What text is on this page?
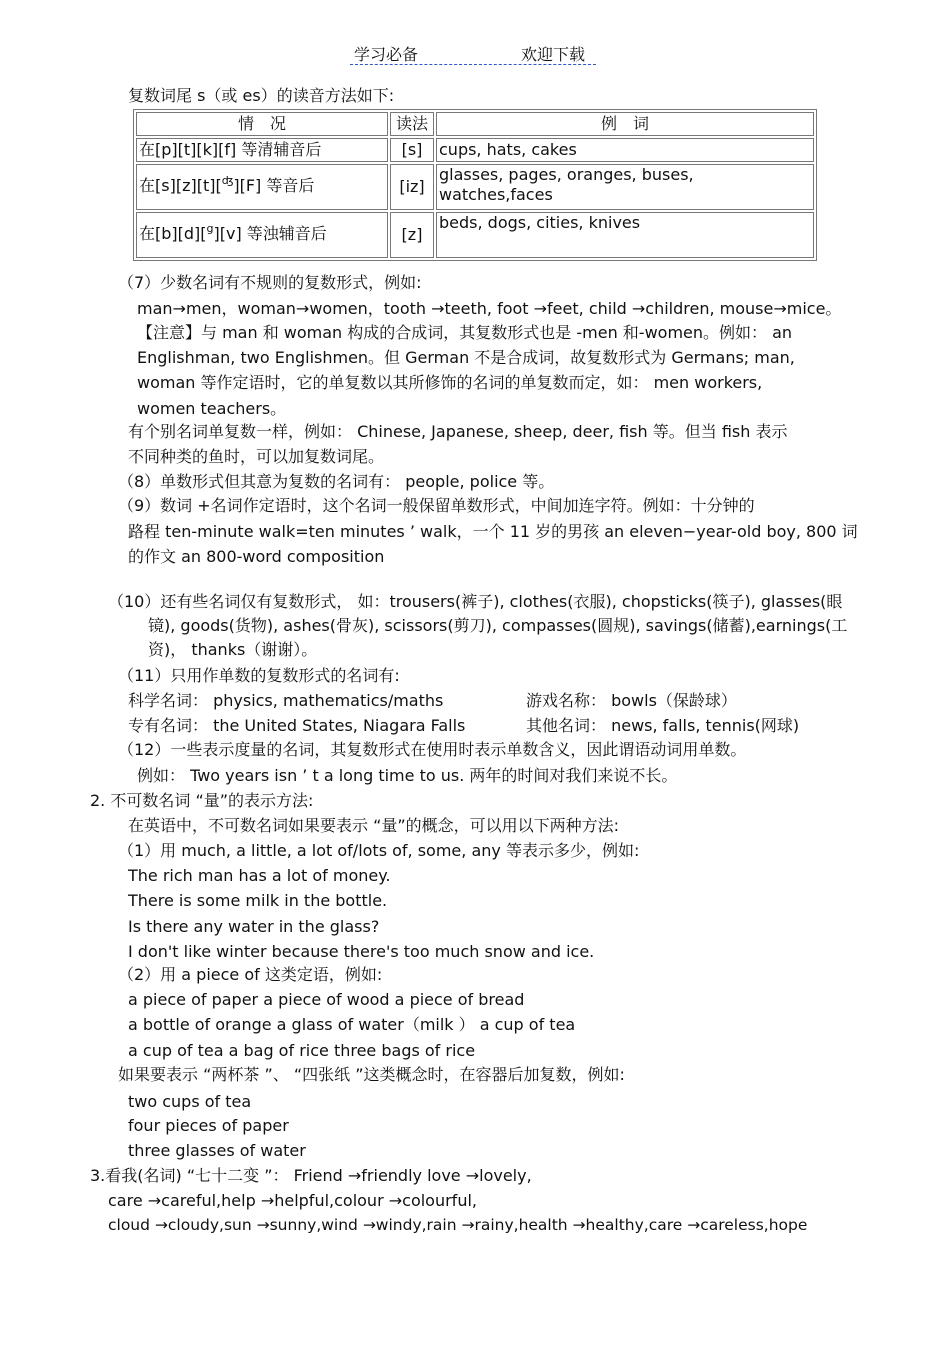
学习必备	欢迎下载
复数词尾 s（或 es）的读音方法如下:
情　况	读法	例　词
在[p][t][k][f] 等清辅音后	[s]	cups, hats, cakes
在[s][z][t][$^ʤ$][F] 等音后	[iz]	glasses, pages, oranges, buses, watches,faces
在[b][d][$^g$][v] 等浊辅音后	[z]	beds, dogs, cities, knives
（7）少数名词有不规则的复数形式，例如:
man→men，woman→women，tooth →teeth, foot →feet, child →children, mouse→mice。
【注意】与 man 和 woman 构成的合成词，其复数形式也是 -men 和-women。例如： an
Englishman, two Englishmen。但 German 不是合成词，故复数形式为 Germans; man,
woman 等作定语时，它的单复数以其所修饰的名词的单复数而定，如： men workers,
women teachers。
有个别名词单复数一样，例如： Chinese, Japanese, sheep, deer, fish 等。但当 fish 表示
不同种类的鱼时，可以加复数词尾。
（8）单数形式但其意为复数的名词有： people, police 等。
（9）数词 +名词作定语时，这个名词一般保留单数形式，中间加连字符。例如：十分钟的
路程 ten-minute walk=ten minutes ’ walk，一个 11 岁的男孩 an eleven−year-old boy, 800 词
的作文 an 800-word composition
（10）还有些名词仅有复数形式， 如：trousers(裤子), clothes(衣服), chopsticks(筷子), glasses(眼
镜), goods(货物), ashes(骨灰), scissors(剪刀), compasses(圆规), savings(储蓄),earnings(工
资)， thanks（谢谢）。
（11）只用作单数的复数形式的名词有:
科学名词： physics, mathematics/maths	游戏名称： bowls（保龄球）
专有名词： the United States, Niagara Falls	其他名词： news, falls, tennis(网球)
（12）一些表示度量的名词，其复数形式在使用时表示单数含义，因此谓语动词用单数。
例如： Two years isn ’ t a long time to us. 两年的时间对我们来说不长。
2. 不可数名词 “量”的表示方法:
在英语中，不可数名词如果要表示 “量”的概念，可以用以下两种方法:
（1）用 much, a little, a lot of/lots of, some, any 等表示多少，例如:
The rich man has a lot of money.
There is some milk in the bottle.
Is there any water in the glass?
I don't like winter because there's too much snow and ice.
（2）用 a piece of 这类定语，例如:
a piece of paper a piece of wood a piece of bread
a bottle of orange a glass of water（milk ） a cup of tea
a cup of tea a bag of rice three bags of rice
如果要表示 “两杯茶 ”、 “四张纸 ”这类概念时，在容器后加复数，例如:
two cups of tea
four pieces of paper
three glasses of water
3.看我(名词) “七十二变 ”： Friend →friendly love →lovely,
care →careful,help →helpful,colour →colourful,
cloud →cloudy,sun →sunny,wind →windy,rain →rainy,health →healthy,care →careless,hope
